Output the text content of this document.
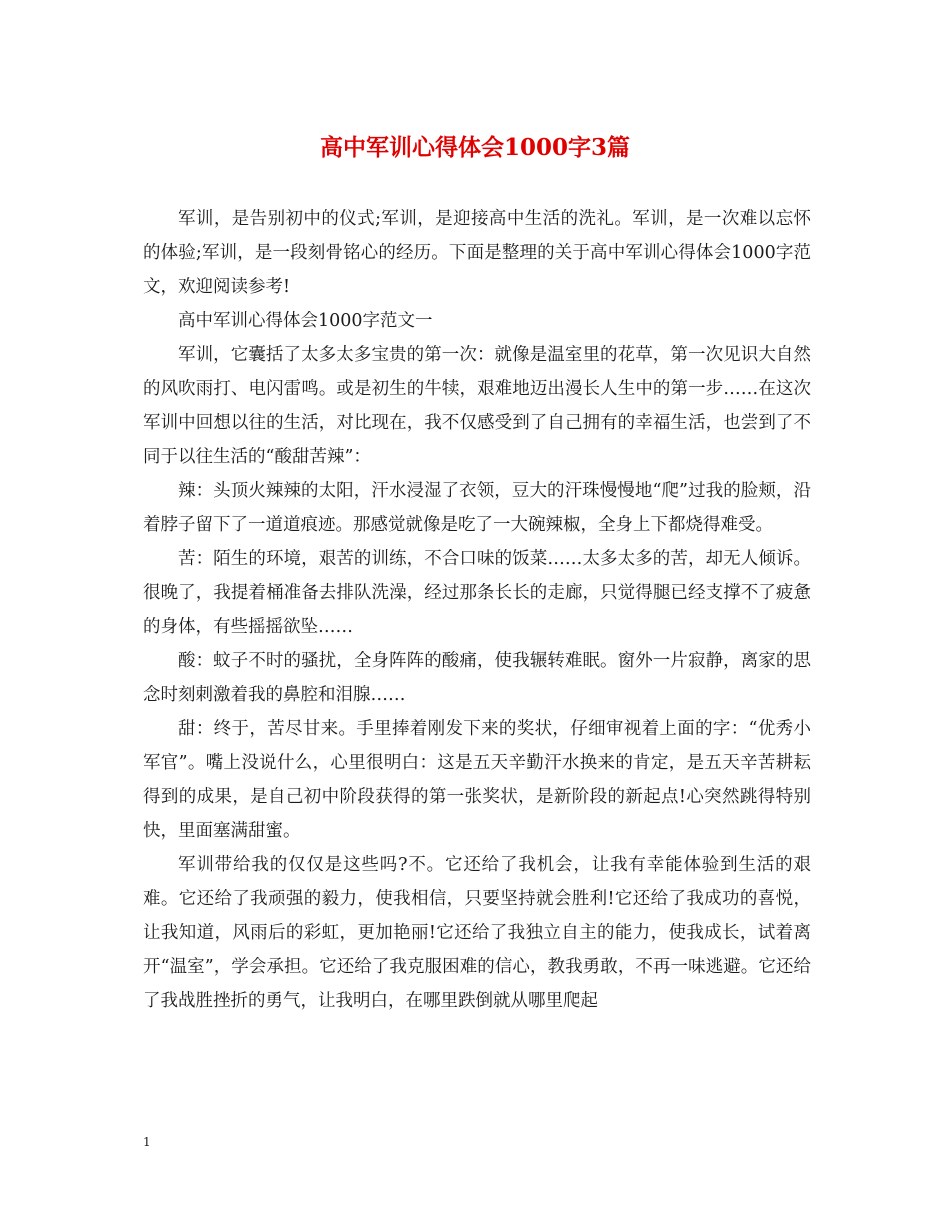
高中军训心得体会1000字3篇

军训，是告别初中的仪式;军训，是迎接高中生活的洗礼。军训，是一次难以忘怀的体验;军训，是一段刻骨铭心的经历。下面是整理的关于高中军训心得体会1000字范文，欢迎阅读参考!

高中军训心得体会1000字范文一

军训，它囊括了太多太多宝贵的第一次：就像是温室里的花草，第一次见识大自然的风吹雨打、电闪雷鸣。或是初生的牛犊，艰难地迈出漫长人生中的第一步……在这次军训中回想以往的生活，对比现在，我不仅感受到了自己拥有的幸福生活，也尝到了不同于以往生活的“酸甜苦辣”：

辣：头顶火辣辣的太阳，汗水浸湿了衣领，豆大的汗珠慢慢地“爬”过我的脸颊，沿着脖子留下了一道道痕迹。那感觉就像是吃了一大碗辣椒，全身上下都烧得难受。

苦：陌生的环境，艰苦的训练，不合口味的饭菜……太多太多的苦，却无人倾诉。很晚了，我提着桶准备去排队洗澡，经过那条长长的走廊，只觉得腿已经支撑不了疲惫的身体，有些摇摇欲坠……

酸：蚊子不时的骚扰，全身阵阵的酸痛，使我辗转难眠。窗外一片寂静，离家的思念时刻刺激着我的鼻腔和泪腺……

甜：终于，苦尽甘来。手里捧着刚发下来的奖状，仔细审视着上面的字：“优秀小军官”。嘴上没说什么，心里很明白：这是五天辛勤汗水换来的肯定，是五天辛苦耕耘得到的成果，是自己初中阶段获得的第一张奖状，是新阶段的新起点!心突然跳得特别快，里面塞满甜蜜。

军训带给我的仅仅是这些吗?不。它还给了我机会，让我有幸能体验到生活的艰难。它还给了我顽强的毅力，使我相信，只要坚持就会胜利!它还给了我成功的喜悦，让我知道，风雨后的彩虹，更加艳丽!它还给了我独立自主的能力，使我成长，试着离开“温室”，学会承担。它还给了我克服困难的信心，教我勇敢，不再一味逃避。它还给了我战胜挫折的勇气，让我明白，在哪里跌倒就从哪里爬起

1
